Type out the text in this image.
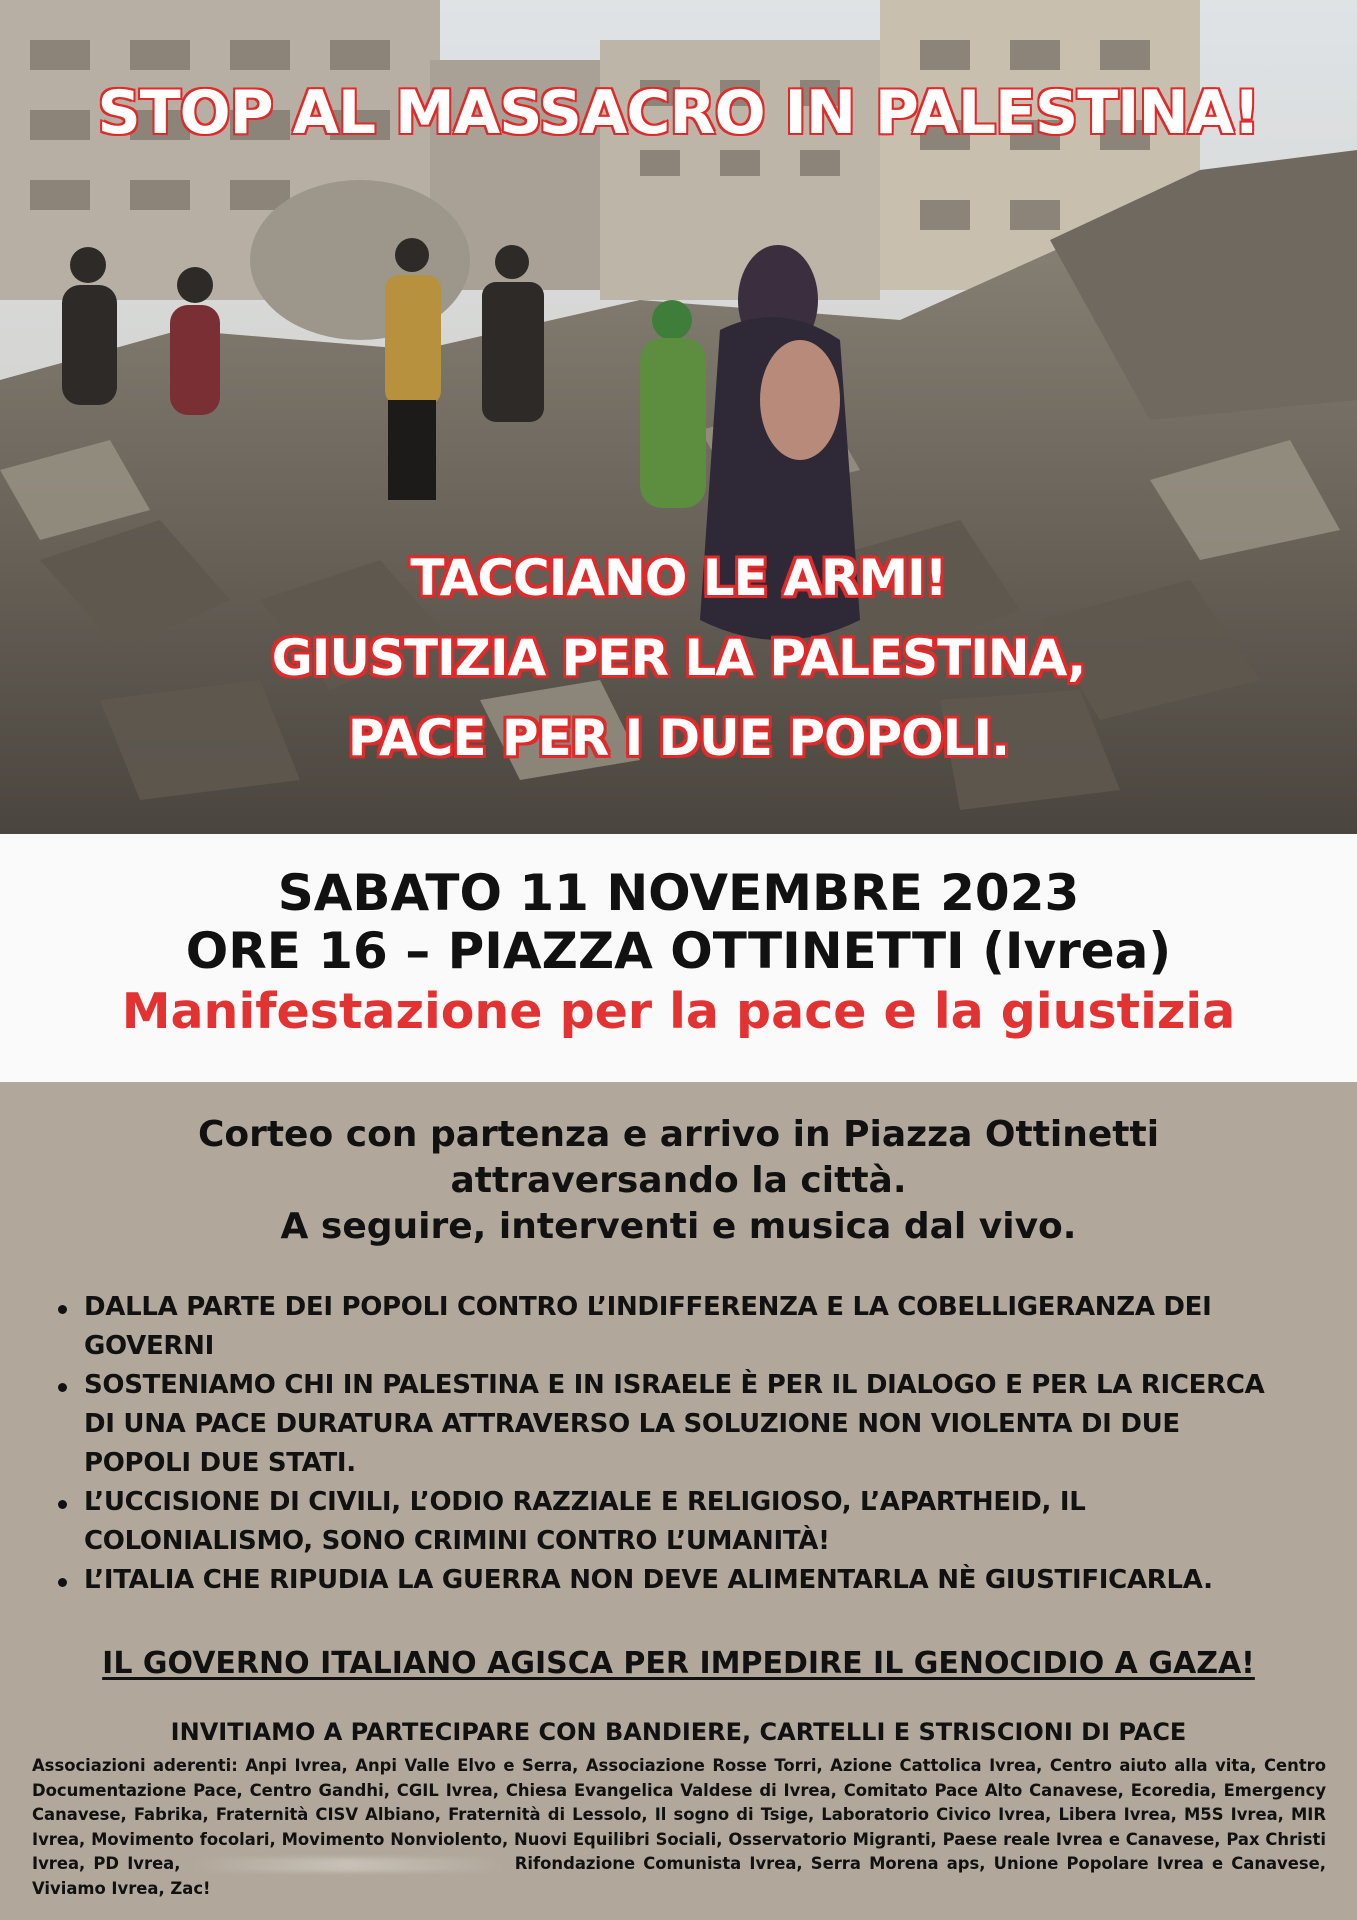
STOP AL MASSACRO IN PALESTINA!
TACCIANO LE ARMI!
GIUSTIZIA PER LA PALESTINA,
PACE PER I DUE POPOLI.
SABATO 11 NOVEMBRE 2023
ORE 16 – PIAZZA OTTINETTI (Ivrea)
Manifestazione per la pace e la giustizia
Corteo con partenza e arrivo in Piazza Ottinetti
attraversando la città.
A seguire, interventi e musica dal vivo.
DALLA PARTE DEI POPOLI CONTRO L’INDIFFERENZA E LA COBELLIGERANZA DEI GOVERNI
SOSTENIAMO CHI IN PALESTINA E IN ISRAELE È PER IL DIALOGO E PER LA RICERCA DI UNA PACE DURATURA ATTRAVERSO LA SOLUZIONE NON VIOLENTA DI DUE POPOLI DUE STATI.
L’UCCISIONE DI CIVILI, L’ODIO RAZZIALE E RELIGIOSO, L’APARTHEID, IL COLONIALISMO, SONO CRIMINI CONTRO L’UMANITÀ!
L’ITALIA CHE RIPUDIA LA GUERRA NON DEVE ALIMENTARLA NÈ GIUSTIFICARLA.
IL GOVERNO ITALIANO AGISCA PER IMPEDIRE IL GENOCIDIO A GAZA!
INVITIAMO A PARTECIPARE CON BANDIERE, CARTELLI E STRISCIONI DI PACE
Associazioni aderenti: Anpi Ivrea, Anpi Valle Elvo e Serra, Associazione Rosse Torri, Azione Cattolica Ivrea, Centro aiuto alla vita, Centro Documentazione Pace, Centro Gandhi, CGIL Ivrea, Chiesa Evangelica Valdese di Ivrea, Comitato Pace Alto Canavese, Ecoredia, Emergency Canavese, Fabrika, Fraternità CISV Albiano, Fraternità di Lessolo, Il sogno di Tsige, Laboratorio Civico Ivrea, Libera Ivrea, M5S Ivrea, MIR Ivrea, Movimento focolari, Movimento Nonviolento, Nuovi Equilibri Sociali, Osservatorio Migranti, Paese reale Ivrea e Canavese, Pax Christi Ivrea, PD Ivrea,	Rifondazione Comunista Ivrea, Serra Morena aps, Unione Popolare Ivrea e Canavese, Viviamo Ivrea, Zac!
